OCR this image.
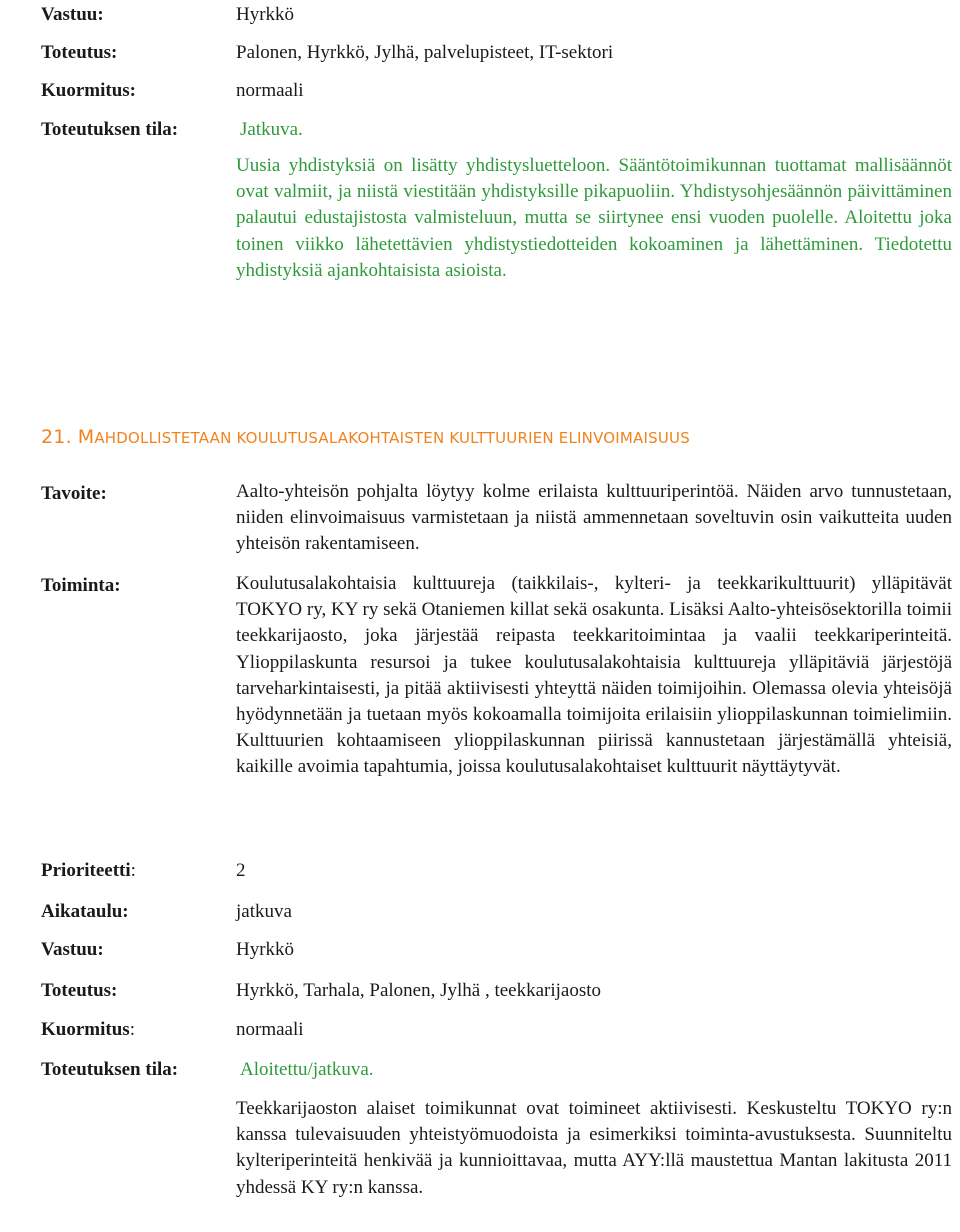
Vastuu:	Hyrkkö
Toteutus:	Palonen, Hyrkkö, Jylhä, palvelupisteet, IT-sektori
Kuormitus:	normaali
Toteutuksen tila:	Jatkuva.
Uusia yhdistyksiä on lisätty yhdistysluetteloon. Sääntötoimikunnan tuottamat mallisäännöt ovat valmiit, ja niistä viestitään yhdistyksille pikapuoliin. Yhdistysohjesäännön päivittäminen palautui edustajistosta valmisteluun, mutta se siirtynee ensi vuoden puolelle. Aloitettu joka toinen viikko lähetettävien yhdistystiedotteiden kokoaminen ja lähettäminen. Tiedotettu yhdistyksiä ajankohtaisista asioista.
21. MAHDOLLISTETAAN KOULUTUSALAKOHTAISTEN KULTTUURIEN ELINVOIMAISUUS
Tavoite:	Aalto-yhteisön pohjalta löytyy kolme erilaista kulttuuriperintöä. Näiden arvo tunnustetaan, niiden elinvoimaisuus varmistetaan ja niistä ammennetaan soveltuvin osin vaikutteita uuden yhteisön rakentamiseen.
Toiminta:	Koulutusalakohtaisia kulttuureja (taikkilais-, kylteri- ja teekkarikulttuurit) ylläpitävät TOKYO ry, KY ry sekä Otaniemen killat sekä osakunta. Lisäksi Aalto-yhteisösektorilla toimii teekkarijaosto, joka järjestää reipasta teekkaritoimintaa ja vaalii teekkariperinteitä. Ylioppilaskunta resursoi ja tukee koulutusalakohtaisia kulttuureja ylläpitäviä järjestöjä tarveharkintaisesti, ja pitää aktiivisesti yhteyttä näiden toimijoihin. Olemassa olevia yhteisöjä hyödynnetään ja tuetaan myös kokoamalla toimijoita erilaisiin ylioppilaskunnan toimielimiin. Kulttuurien kohtaamiseen ylioppilaskunnan piirissä kannustetaan järjestämällä yhteisiä, kaikille avoimia tapahtumia, joissa koulutusalakohtaiset kulttuurit näyttäytyvät.
Prioriteetti:	2
Aikataulu:	jatkuva
Vastuu:	Hyrkkö
Toteutus:	Hyrkkö, Tarhala, Palonen, Jylhä , teekkarijaosto
Kuormitus:	normaali
Toteutuksen tila:	Aloitettu/jatkuva.
Teekkarijaoston alaiset toimikunnat ovat toimineet aktiivisesti. Keskusteltu TOKYO ry:n kanssa tulevaisuuden yhteistyömuodoista ja esimerkiksi toiminta-avustuksesta. Suunniteltu kylteriperinteitä henkivää ja kunnioittavaa, mutta AYY:llä maustettua Mantan lakitusta 2011 yhdessä KY ry:n kanssa.
